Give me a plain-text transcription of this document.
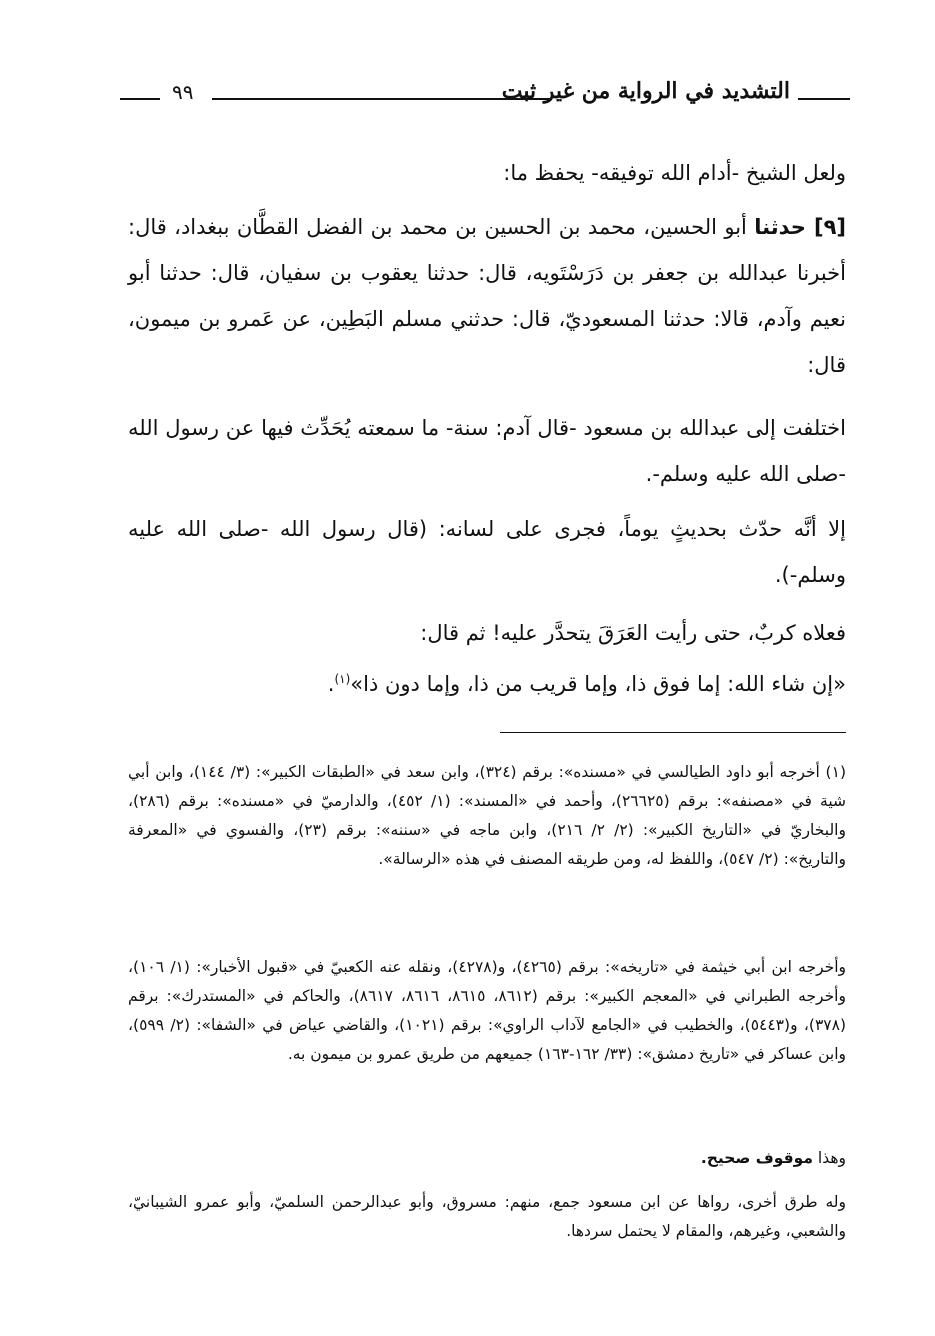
٩٩	التشديد في الرواية من غير ثبت

ولعل الشيخ -أدام الله توفيقه- يحفظ ما:

[٩] حدثنا أبو الحسين، محمد بن الحسين بن محمد بن الفضل القطَّان ببغداد، قال: أخبرنا عبدالله بن جعفر بن دَرَسْتَويه، قال: حدثنا يعقوب بن سفيان، قال: حدثنا أبو نعيم وآدم، قالا: حدثنا المسعوديّ، قال: حدثني مسلم البَطِين، عن عَمرو بن ميمون، قال:

اختلفت إلى عبدالله بن مسعود -قال آدم: سنة- ما سمعته يُحَدِّث فيها عن رسول الله -صلى الله عليه وسلم-.

إلا أنَّه حدّث بحديثٍ يوماً، فجرى على لسانه: (قال رسول الله -صلى الله عليه وسلم-).

فعلاه كربٌ، حتى رأيت العَرَقَ يتحدَّر عليه! ثم قال:

«إن شاء الله: إما فوق ذا، وإما قريب من ذا، وإما دون ذا»$^{(١)}$.

(١) أخرجه أبو داود الطيالسي في «مسنده»: برقم (٣٢٤)، وابن سعد في «الطبقات الكبير»: (٣/ ١٤٤)، وابن أبي شية في «مصنفه»: برقم (٢٦٦٢٥)، وأحمد في «المسند»: (١/ ٤٥٢)، والدارميّ في «مسنده»: برقم (٢٨٦)، والبخاريّ في «التاريخ الكبير»: (٢/ ٢/ ٢١٦)، وابن ماجه في «سننه»: برقم (٢٣)، والفسوي في «المعرفة والتاريخ»: (٢/ ٥٤٧)، واللفظ له، ومن طريقه المصنف في هذه «الرسالة».

وأخرجه ابن أبي خيثمة في «تاريخه»: برقم (٤٢٦٥)، و(٤٢٧٨)، ونقله عنه الكعبيّ في «قبول الأخبار»: (١/ ١٠٦)، وأخرجه الطبراني في «المعجم الكبير»: برقم (٨٦١٢، ٨٦١٥، ٨٦١٦، ٨٦١٧)، والحاكم في «المستدرك»: برقم (٣٧٨)، و(٥٤٤٣)، والخطيب في «الجامع لآداب الراوي»: برقم (١٠٢١)، والقاضي عياض في «الشفا»: (٢/ ٥٩٩)، وابن عساكر في «تاريخ دمشق»: (٣٣/ ١٦٢-١٦٣) جميعهم من طريق عمرو بن ميمون به.

وهذا موقوف صحيح.

وله طرق أخرى، رواها عن ابن مسعود جمع، منهم: مسروق، وأبو عبدالرحمن السلميّ، وأبو عمرو الشيبانيّ، والشعبي، وغيرهم، والمقام لا يحتمل سردها.
